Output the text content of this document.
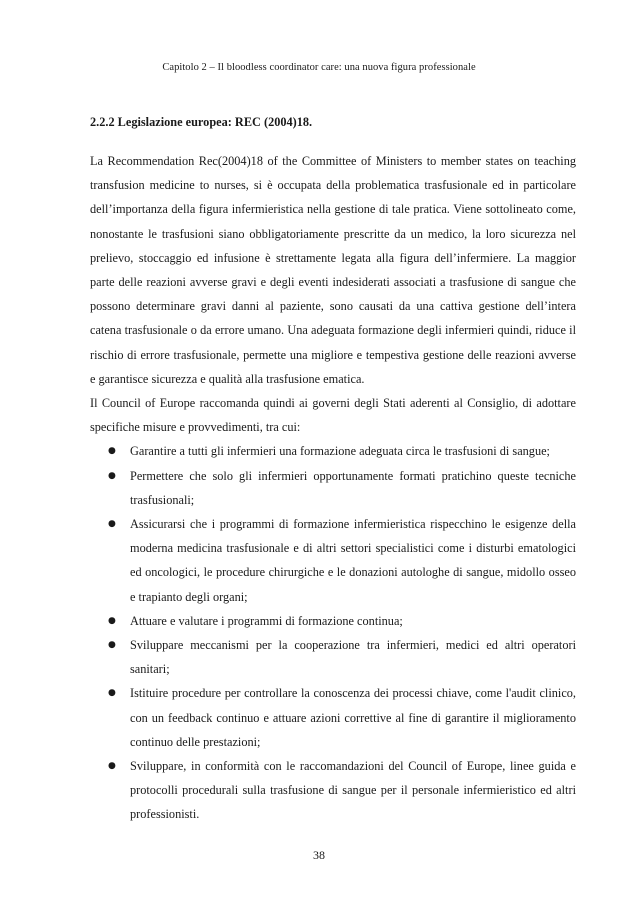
Capitolo 2 – Il bloodless coordinator care: una nuova figura professionale
2.2.2 Legislazione europea: REC (2004)18.

La Recommendation Rec(2004)18 of the Committee of Ministers to member states on teaching transfusion medicine to nurses, si è occupata della problematica trasfusionale ed in particolare dell’importanza della figura infermieristica nella gestione di tale pratica. Viene sottolineato come, nonostante le trasfusioni siano obbligatoriamente prescritte da un medico, la loro sicurezza nel prelievo, stoccaggio ed infusione è strettamente legata alla figura dell’infermiere. La maggior parte delle reazioni avverse gravi e degli eventi indesiderati associati a trasfusione di sangue che possono determinare gravi danni al paziente, sono causati da una cattiva gestione dell’intera catena trasfusionale o da errore umano. Una adeguata formazione degli infermieri quindi, riduce il rischio di errore trasfusionale, permette una migliore e tempestiva gestione delle reazioni avverse e garantisce sicurezza e qualità alla trasfusione ematica.

Il Council of Europe raccomanda quindi ai governi degli Stati aderenti al Consiglio, di adottare specifiche misure e provvedimenti, tra cui:

● Garantire a tutti gli infermieri una formazione adeguata circa le trasfusioni di sangue;
● Permettere che solo gli infermieri opportunamente formati pratichino queste tecniche trasfusionali;
● Assicurarsi che i programmi di formazione infermieristica rispecchino le esigenze della moderna medicina trasfusionale e di altri settori specialistici come i disturbi ematologici ed oncologici, le procedure chirurgiche e le donazioni autologhe di sangue, midollo osseo e trapianto degli organi;
● Attuare e valutare i programmi di formazione continua;
● Sviluppare meccanismi per la cooperazione tra infermieri, medici ed altri operatori sanitari;
● Istituire procedure per controllare la conoscenza dei processi chiave, come l'audit clinico, con un feedback continuo e attuare azioni correttive al fine di garantire il miglioramento continuo delle prestazioni;
● Sviluppare, in conformità con le raccomandazioni del Council of Europe, linee guida e protocolli procedurali sulla trasfusione di sangue per il personale infermieristico ed altri professionisti.
38
